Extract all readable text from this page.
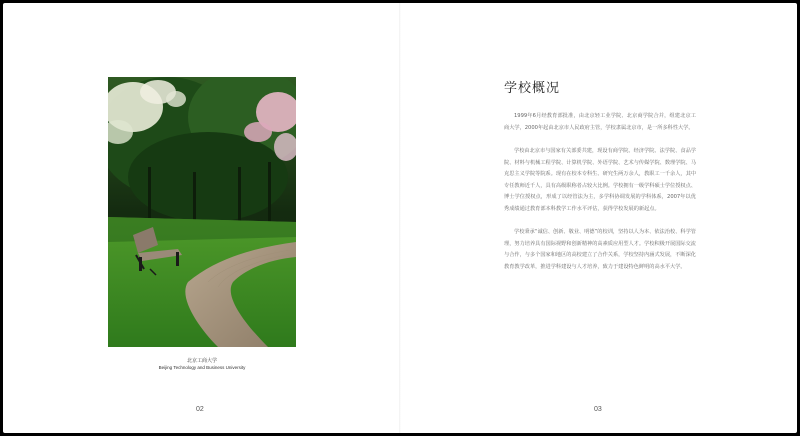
北京工商大学
Beijing Technology and Business University
02
学校概况

1999年6月经教育部批准，由北京轻工业学院、北京商学院合并，组建北京工商大学，2000年起由北京市人民政府主管，学校隶属北京市，是一所多科性大学。

学校由北京市与国家有关部委共建，现设有商学院、经济学院、法学院、食品学院、材料与机械工程学院、计算机学院、外语学院、艺术与传媒学院、数理学院、马克思主义学院等院系。现有在校本专科生、研究生两万余人，教职工一千余人，其中专任教师近千人，具有高级职称者占较大比例。学校拥有一级学科硕士学位授权点、博士学位授权点，形成了以经管法为主，多学科协调发展的学科体系，2007年以优秀成绩通过教育部本科教学工作水平评估，获得学校发展的新起点。

学校秉承“诚信、创新、敬业、明德”的校训，坚持以人为本、依法治校、科学管理，努力培养具有国际视野和创新精神的高素质应用型人才。学校积极开展国际交流与合作，与多个国家和地区的高校建立了合作关系，学校坚持内涵式发展，不断深化教育教学改革，推进学科建设与人才培养，致力于建设特色鲜明的高水平大学。

03
